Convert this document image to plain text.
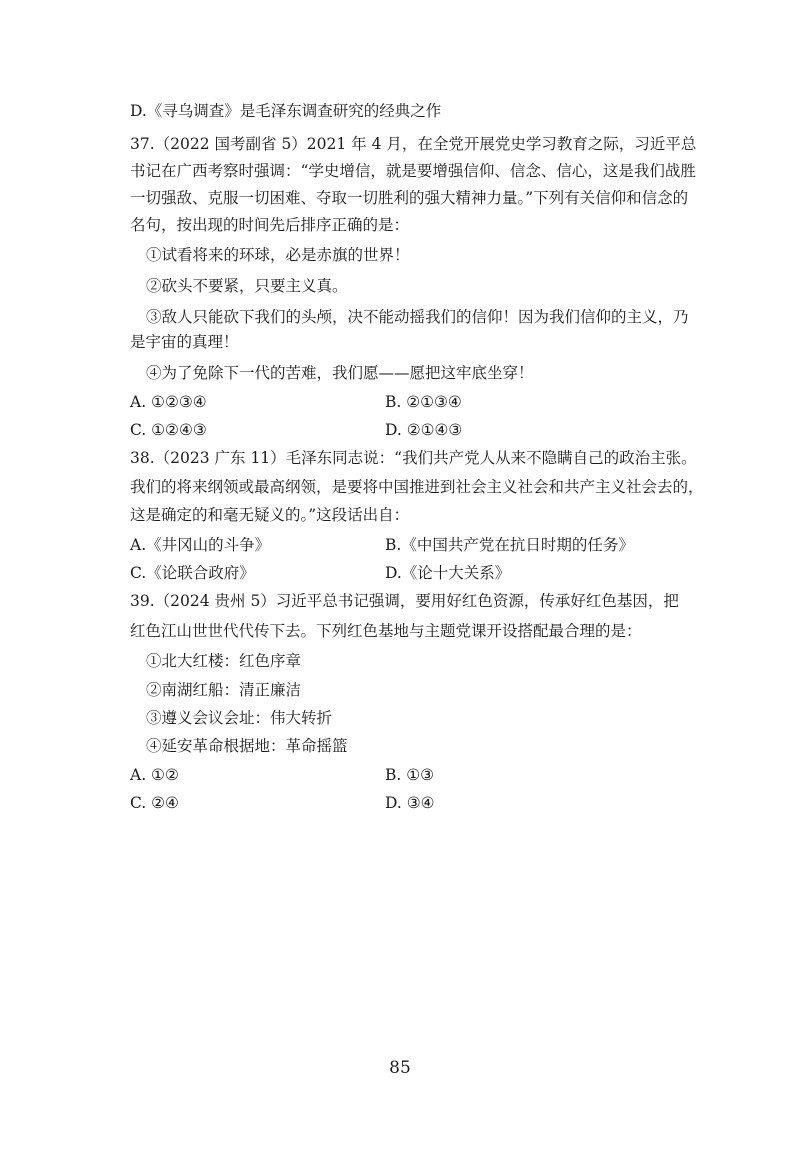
D.《寻乌调查》是毛泽东调查研究的经典之作
37.（2022 国考副省 5）2021 年 4 月，在全党开展党史学习教育之际，习近平总
书记在广西考察时强调：“学史增信，就是要增强信仰、信念、信心，这是我们战胜
一切强敌、克服一切困难、夺取一切胜利的强大精神力量。”下列有关信仰和信念的
名句，按出现的时间先后排序正确的是：
①试看将来的环球，必是赤旗的世界！
②砍头不要紧，只要主义真。
③敌人只能砍下我们的头颅，决不能动摇我们的信仰！因为我们信仰的主义，乃
是宇宙的真理！
④为了免除下一代的苦难，我们愿——愿把这牢底坐穿！
A. ①②③④	B. ②①③④
C. ①②④③	D. ②①④③
38.（2023 广东 11）毛泽东同志说：“我们共产党人从来不隐瞒自己的政治主张。
我们的将来纲领或最高纲领，是要将中国推进到社会主义社会和共产主义社会去的，
这是确定的和毫无疑义的。”这段话出自：
A.《井冈山的斗争》	B.《中国共产党在抗日时期的任务》
C.《论联合政府》	D.《论十大关系》
39.（2024 贵州 5）习近平总书记强调，要用好红色资源，传承好红色基因，把
红色江山世世代代传下去。下列红色基地与主题党课开设搭配最合理的是：
①北大红楼：红色序章
②南湖红船：清正廉洁
③遵义会议会址：伟大转折
④延安革命根据地：革命摇篮
A. ①②	B. ①③
C. ②④	D. ③④
85
